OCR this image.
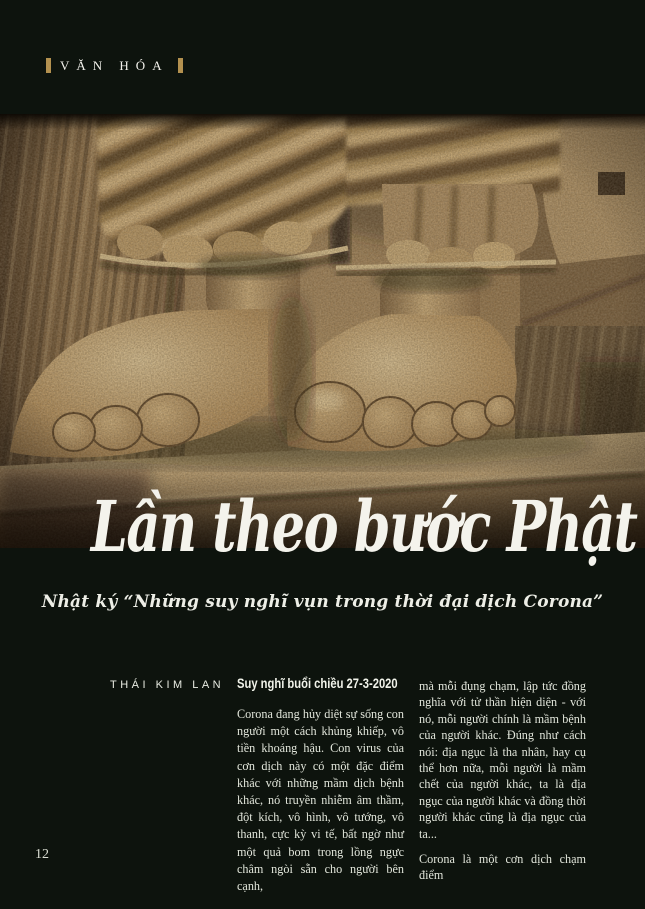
VĂN HÓA
Lần theo bước Phật
Nhật ký “Những suy nghĩ vụn trong thời đại dịch Corona”
THÁI KIM LAN Suy nghĩ buổi chiều 27-3-2020

Corona đang hủy diệt sự sống con người một cách khủng khiếp, vô tiền khoáng hậu. Con virus của cơn dịch này có một đặc điểm khác với những mầm dịch bệnh khác, nó truyền nhiễm âm thầm, đột kích, vô hình, vô tướng, vô thanh, cực kỳ vi tế, bất ngờ như một quả bom trong lồng ngực châm ngòi sẵn cho người bên cạnh,

mà mỗi đụng chạm, lập tức đồng nghĩa với tử thần hiện diện - với nó, mỗi người chính là mầm bệnh của người khác. Đúng như cách nói: địa ngục là tha nhân, hay cụ thể hơn nữa, mỗi người là mầm chết của người khác, ta là địa ngục của người khác và đồng thời người khác cũng là địa ngục của ta...

Corona là một cơn dịch chạm điểm

12
